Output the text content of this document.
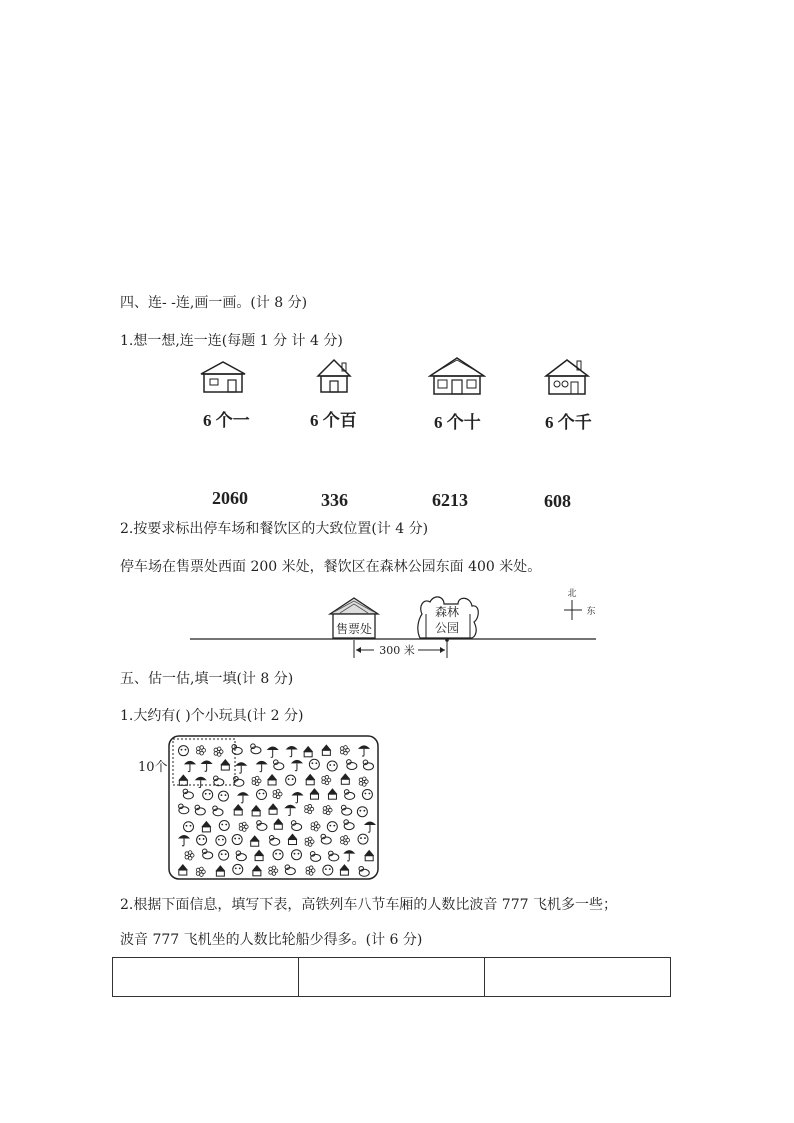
四、连- -连,画一画。(计 8 分)
1.想一想,连一连(每题 1 分 计 4 分)
6 个一	6 个百	6 个十	6 个千
2060	336	6213	608
2.按要求标出停车场和餐饮区的大致位置(计 4 分)
停车场在售票处西面 200 米处，餐饮区在森林公园东面 400 米处。
售票处
森林
公园
300 米
北
东
五、估一估,填一填(计 8 分)
1.大约有( )个小玩具(计 2 分)
10个
2.根据下面信息，填写下表，高铁列车八节车厢的人数比波音 777 飞机多一些；
波音 777 飞机坐的人数比轮船少得多。(计 6 分)
